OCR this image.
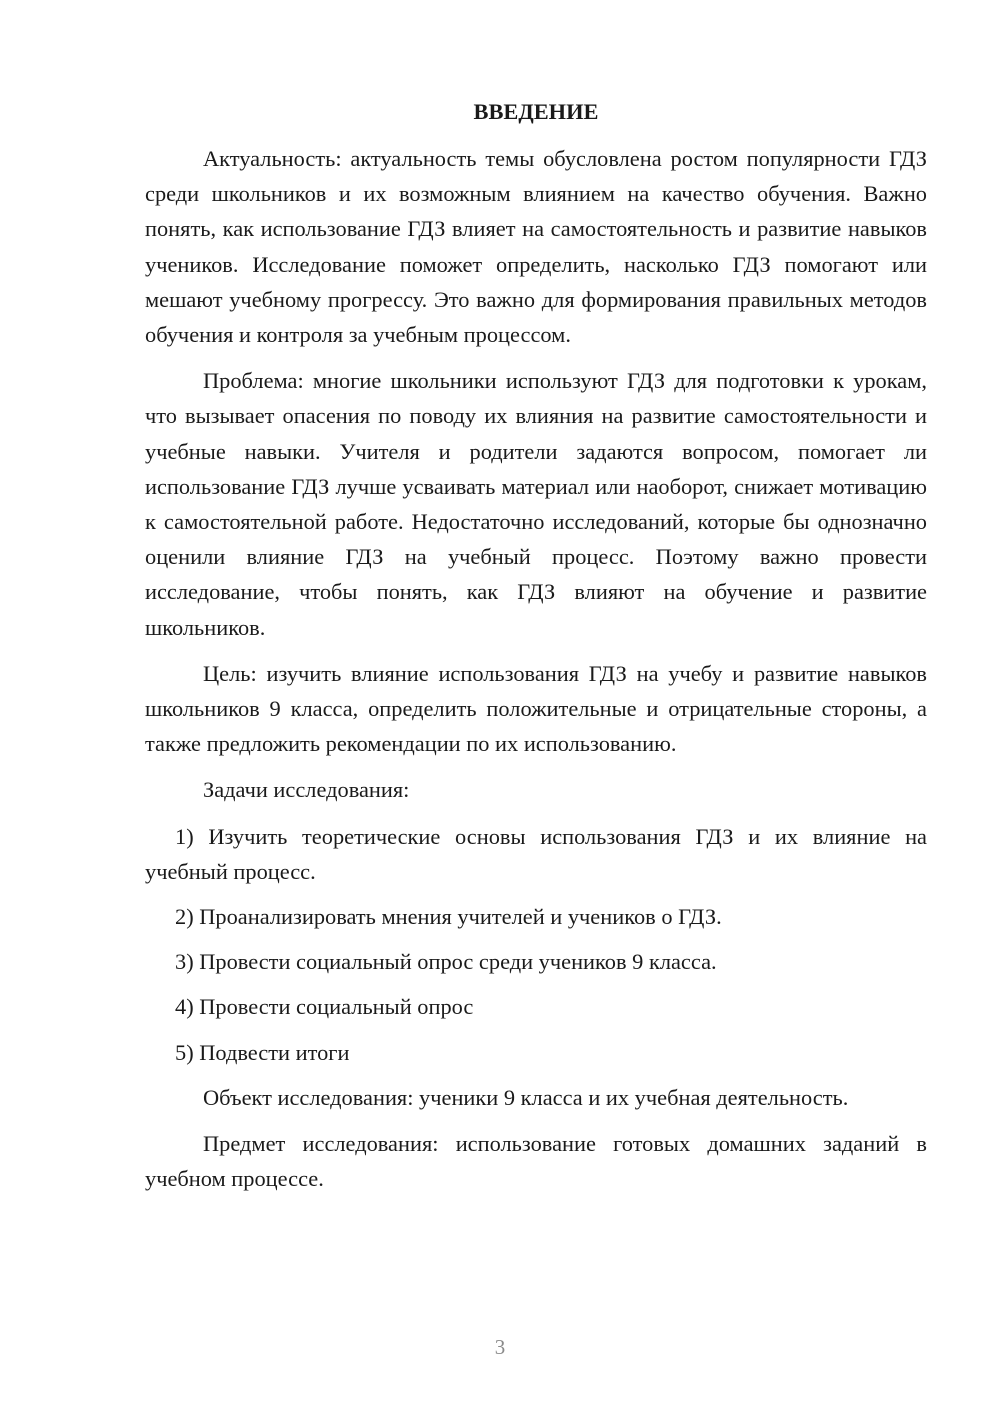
ВВЕДЕНИЕ

Актуальность: актуальность темы обусловлена ростом популярности ГДЗ среди школьников и их возможным влиянием на качество обучения. Важно понять, как использование ГДЗ влияет на самостоятельность и развитие навыков учеников. Исследование поможет определить, насколько ГДЗ помогают или мешают учебному прогрессу. Это важно для формирования правильных методов обучения и контроля за учебным процессом.

Проблема: многие школьники используют ГДЗ для подготовки к урокам, что вызывает опасения по поводу их влияния на развитие самостоятельности и учебные навыки. Учителя и родители задаются вопросом, помогает ли использование ГДЗ лучше усваивать материал или наоборот, снижает мотивацию к самостоятельной работе. Недостаточно исследований, которые бы однозначно оценили влияние ГДЗ на учебный процесс. Поэтому важно провести исследование, чтобы понять, как ГДЗ влияют на обучение и развитие школьников.

Цель: изучить влияние использования ГДЗ на учебу и развитие навыков школьников 9 класса, определить положительные и отрицательные стороны, а также предложить рекомендации по их использованию.

Задачи исследования:

1) Изучить теоретические основы использования ГДЗ и их влияние на учебный процесс.

2) Проанализировать мнения учителей и учеников о ГДЗ.

3) Провести социальный опрос среди учеников 9 класса.

4) Провести социальный опрос

5) Подвести итоги

Объект исследования: ученики 9 класса и их учебная деятельность.

Предмет исследования: использование готовых домашних заданий в учебном процессе.

3
